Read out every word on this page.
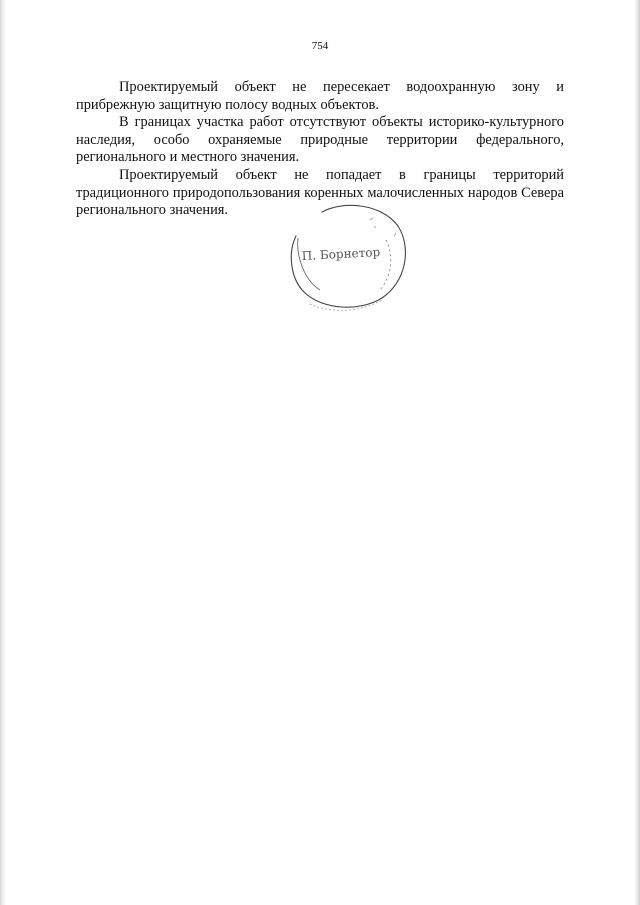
754

Проектируемый объект не пересекает водоохранную зону и прибрежную защитную полосу водных объектов.

В границах участка работ отсутствуют объекты историко-культурного наследия, особо охраняемые природные территории федерального, регионального и местного значения.

Проектируемый объект не попадает в границы территорий традиционного природопользования коренных малочисленных народов Севера регионального значения.

П. Борнетор
